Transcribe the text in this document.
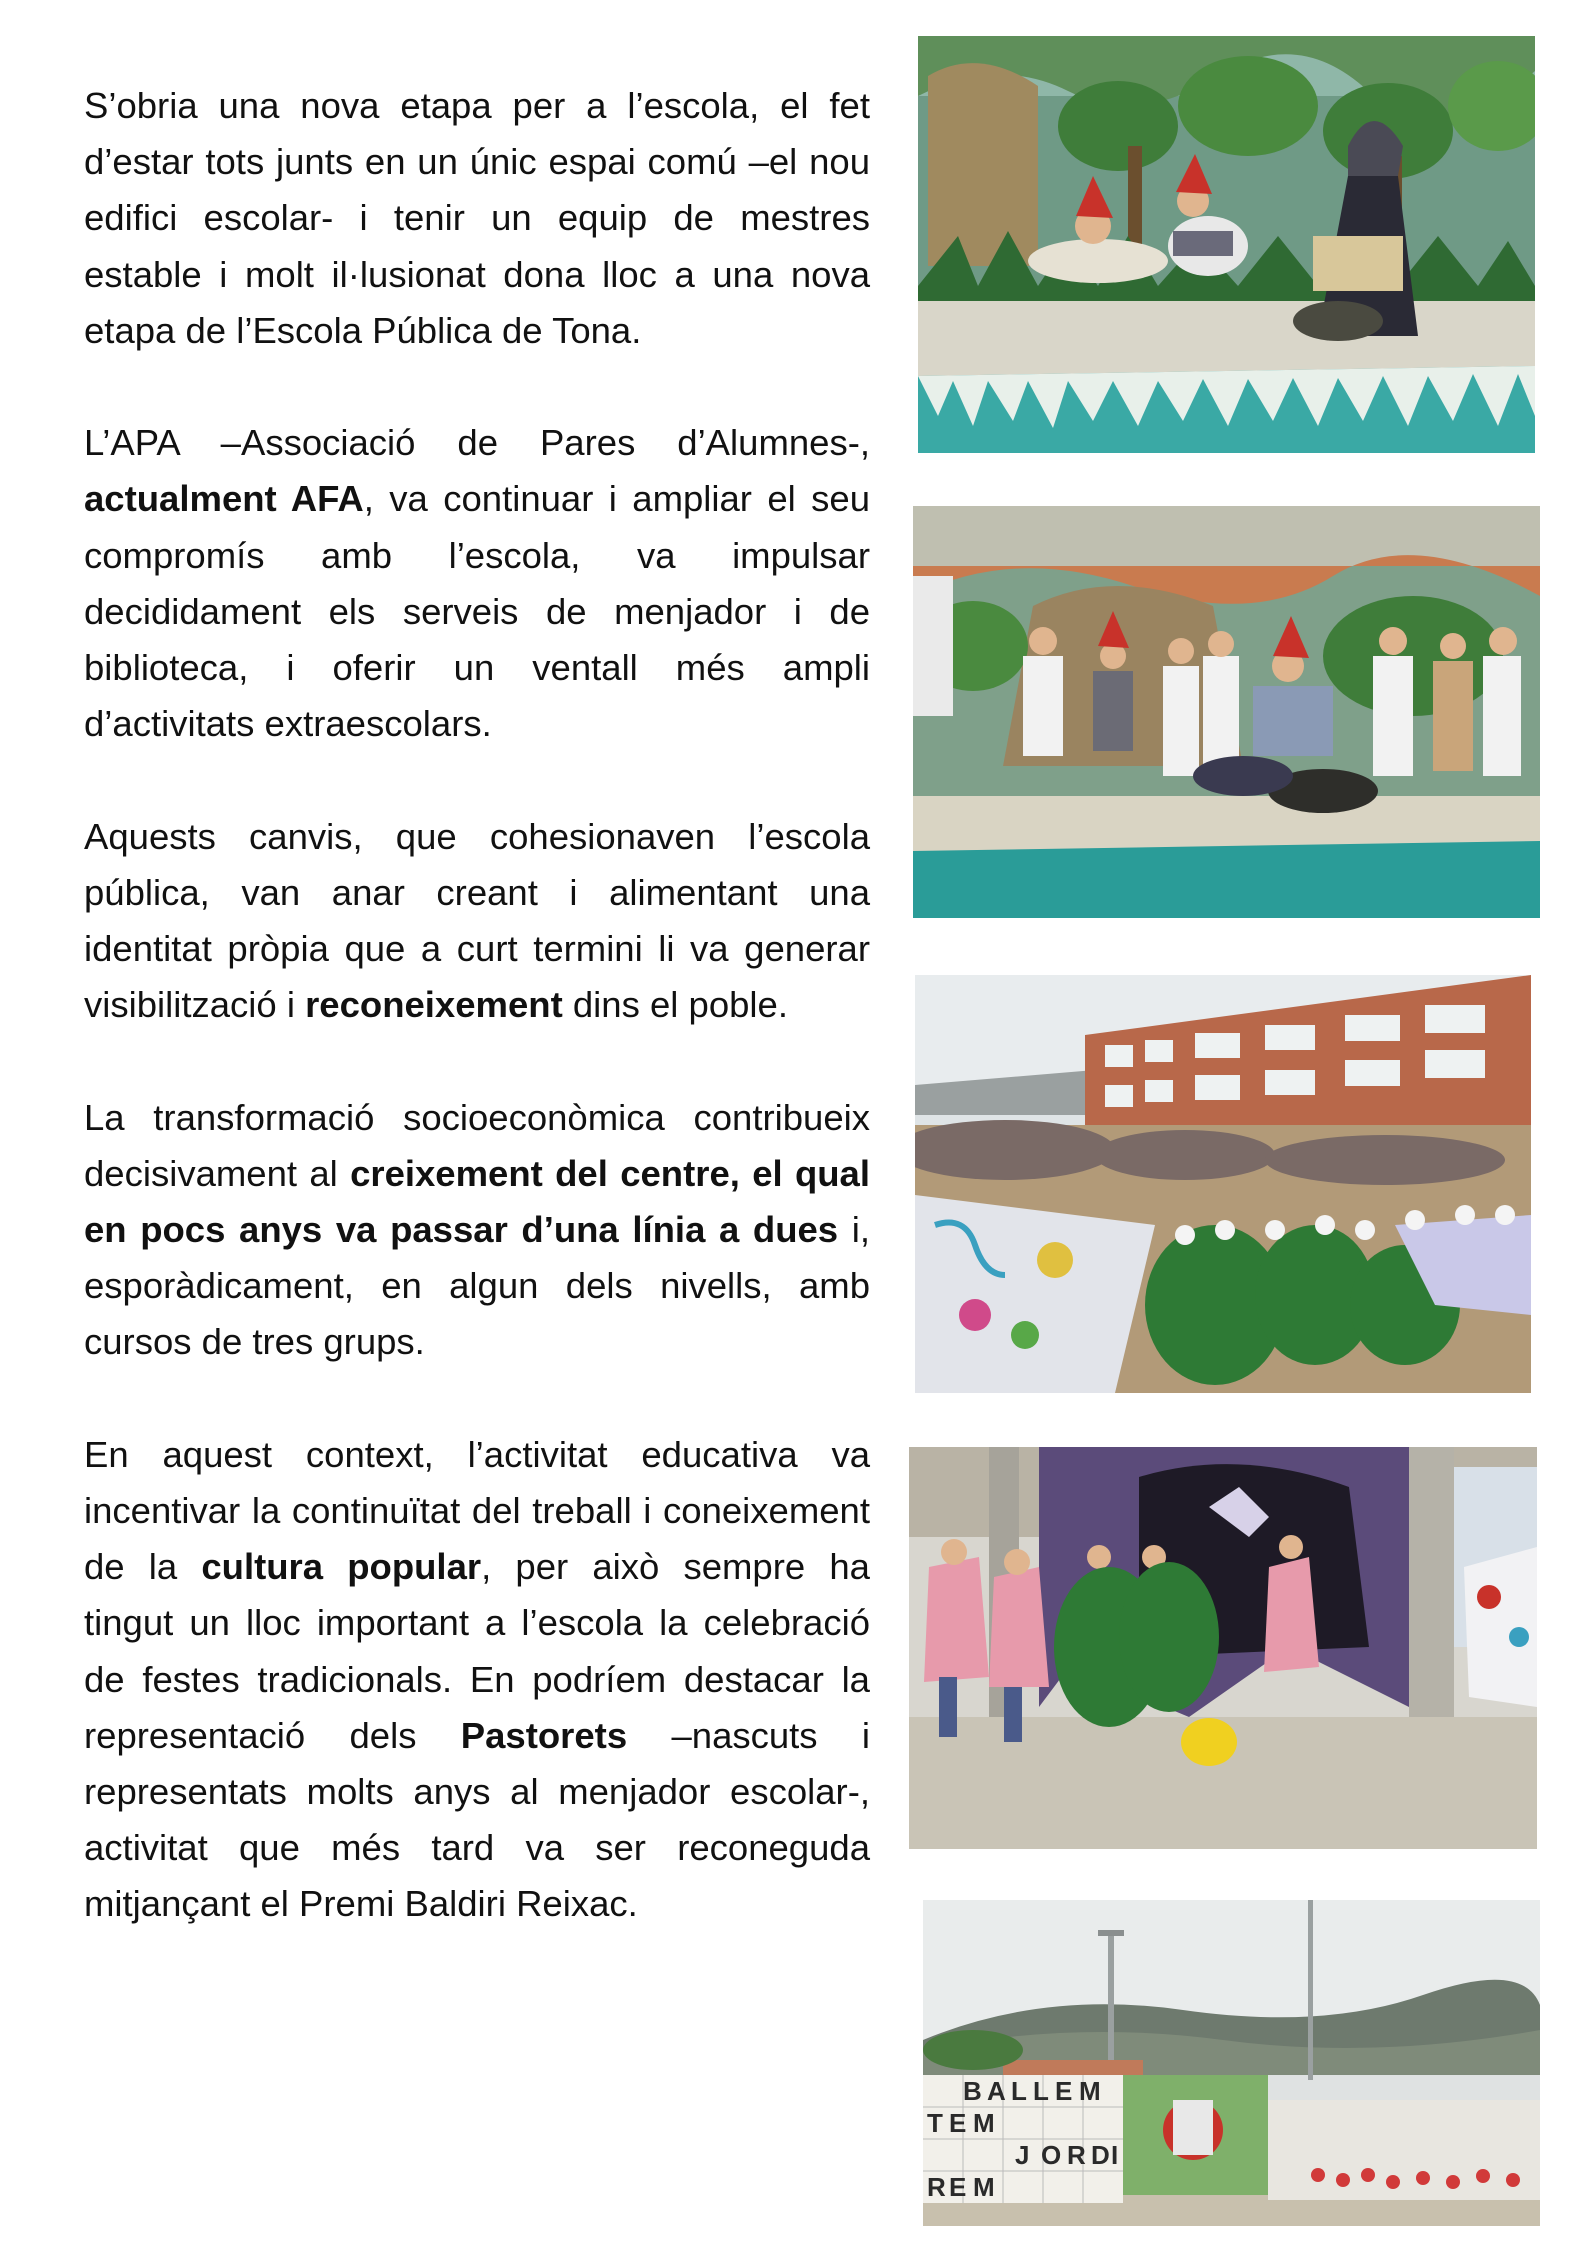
S’obria una nova etapa per a l’escola, el fet d’estar tots junts en un únic espai comú –el nou edifici escolar- i tenir un equip de mestres estable i molt il·lusionat dona lloc a una nova etapa de l’Escola Pública de Tona.

L’APA –Associació de Pares d’Alumnes-, actualment AFA, va continuar i ampliar el seu compromís amb l’escola, va impulsar decididament els serveis de menjador i de biblioteca, i oferir un ventall més ampli d’activitats extraescolars.

Aquests canvis, que cohesionaven l’escola pública, van anar creant i alimentant una identitat pròpia que a curt termini li va generar visibilització i reconeixement dins el poble.

La transformació socioeconòmica contribueix decisivament al creixement del centre, el qual en pocs anys va passar d’una línia a dues i, esporàdicament, en algun dels nivells, amb cursos de tres grups.

En aquest context, l’activitat educativa va incentivar la continuïtat del treball i coneixement de la cultura popular, per això sempre ha tingut un lloc important a l’escola la celebració de festes tradicionals. En podríem destacar la representació dels Pastorets –nascuts i representats molts anys al menjador escolar-, activitat que més tard va ser reconeguda mitjançant el Premi Baldiri Reixac.

B A L L E M
T E M
J O R D I
R E M
